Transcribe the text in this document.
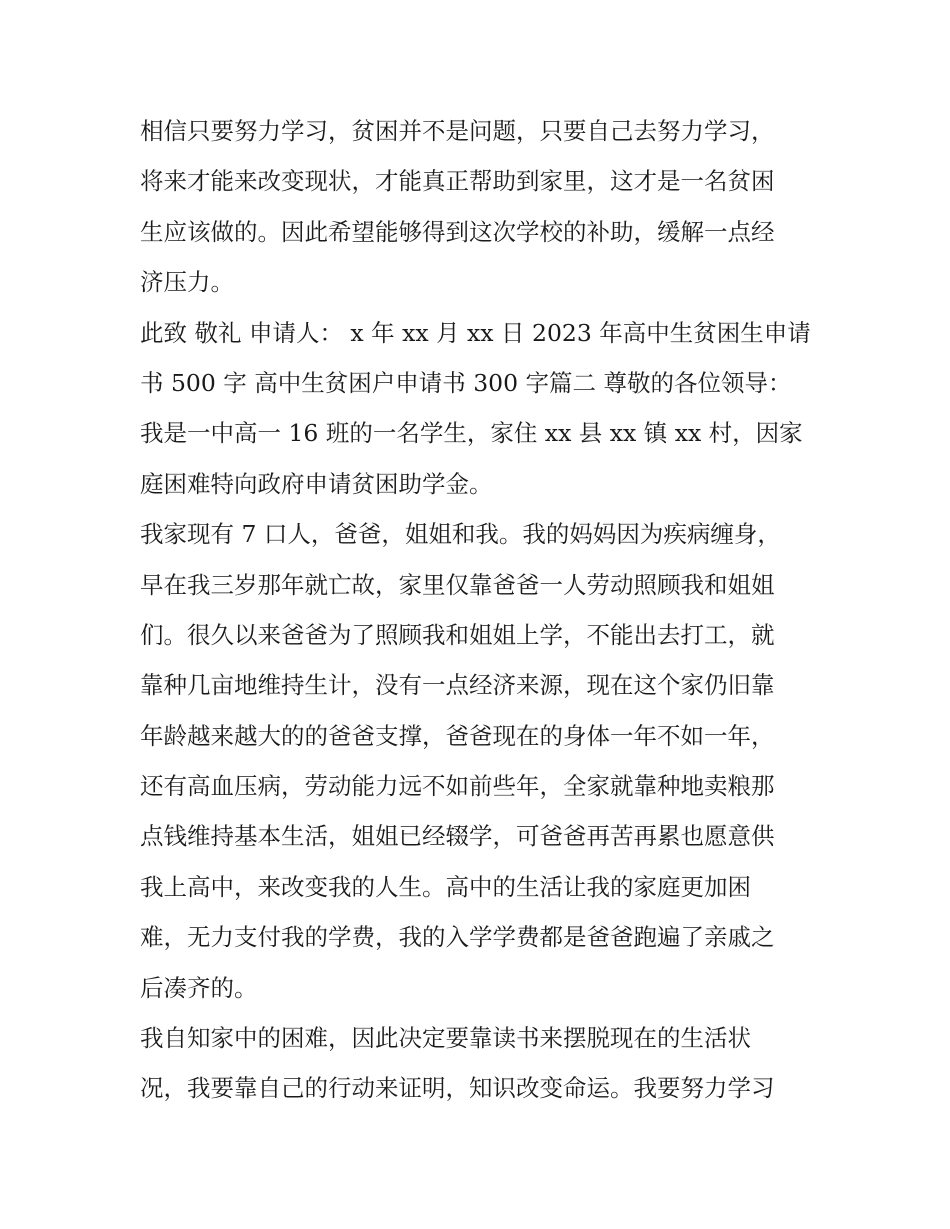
相信只要努力学习，贫困并不是问题，只要自己去努力学习，
将来才能来改变现状，才能真正帮助到家里，这才是一名贫困
生应该做的。因此希望能够得到这次学校的补助，缓解一点经
济压力。
此致 敬礼 申请人： x 年 xx 月 xx 日 2023 年高中生贫困生申请
书 500 字 高中生贫困户申请书 300 字篇二 尊敬的各位领导：
我是一中高一 16 班的一名学生，家住 xx 县 xx 镇 xx 村，因家
庭困难特向政府申请贫困助学金。
我家现有 7 口人，爸爸，姐姐和我。我的妈妈因为疾病缠身，
早在我三岁那年就亡故，家里仅靠爸爸一人劳动照顾我和姐姐
们。很久以来爸爸为了照顾我和姐姐上学，不能出去打工，就
靠种几亩地维持生计，没有一点经济来源，现在这个家仍旧靠
年龄越来越大的的爸爸支撑，爸爸现在的身体一年不如一年，
还有高血压病，劳动能力远不如前些年，全家就靠种地卖粮那
点钱维持基本生活，姐姐已经辍学，可爸爸再苦再累也愿意供
我上高中，来改变我的人生。高中的生活让我的家庭更加困
难，无力支付我的学费，我的入学学费都是爸爸跑遍了亲戚之
后凑齐的。
我自知家中的困难，因此决定要靠读书来摆脱现在的生活状
况，我要靠自己的行动来证明，知识改变命运。我要努力学习
